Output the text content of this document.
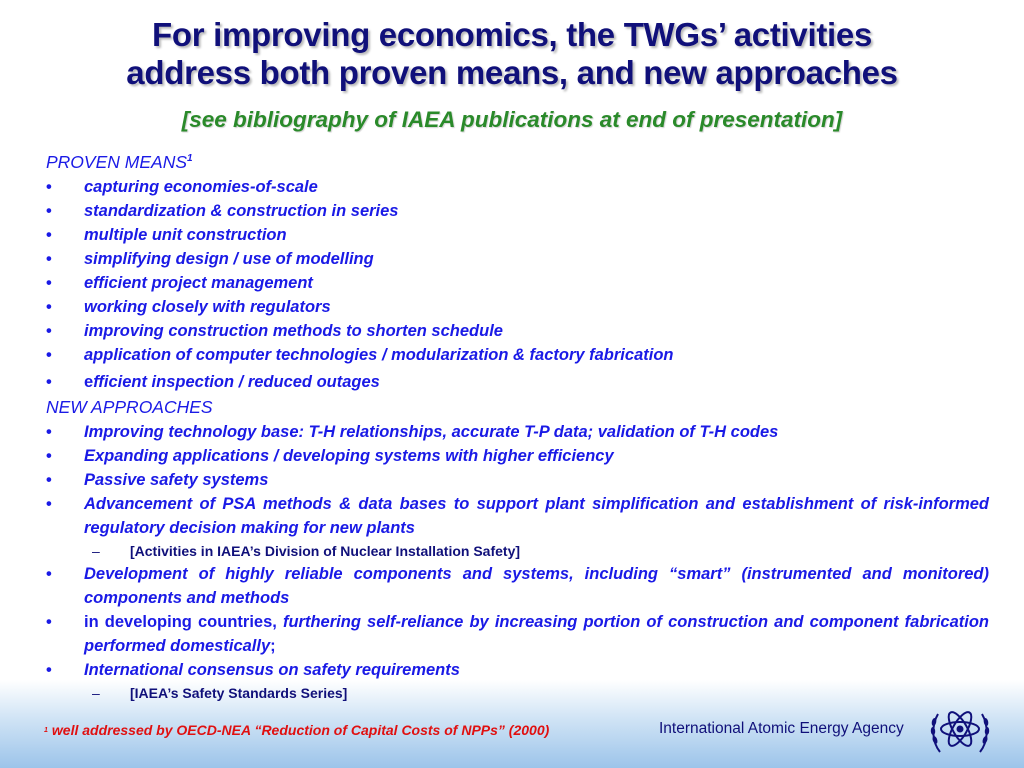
For improving economics, the TWGs’ activities
address both proven means, and new approaches
[see bibliography of IAEA publications at end of presentation]
PROVEN MEANS$^1$
• capturing economies-of-scale
• standardization & construction in series
• multiple unit construction
• simplifying design / use of modelling
• efficient project management
• working closely with regulators
• improving construction methods to shorten schedule
• application of computer technologies / modularization & factory fabrication
• efficient inspection / reduced outages
NEW APPROACHES
• Improving technology base: T-H relationships, accurate T-P data; validation of T-H codes
• Expanding applications / developing systems with higher efficiency
• Passive safety systems
• Advancement of PSA methods & data bases to support plant simplification and establishment of risk-informed regulatory decision making for new plants
– [Activities in IAEA’s Division of Nuclear Installation Safety]
• Development of highly reliable components and systems, including “smart” (instrumented and monitored) components and methods
• in developing countries, furthering self-reliance by increasing portion of construction and component fabrication performed domestically;
• International consensus on safety requirements
– [IAEA’s Safety Standards Series]
1 well addressed by OECD-NEA “Reduction of Capital Costs of NPPs” (2000)	International Atomic Energy Agency
